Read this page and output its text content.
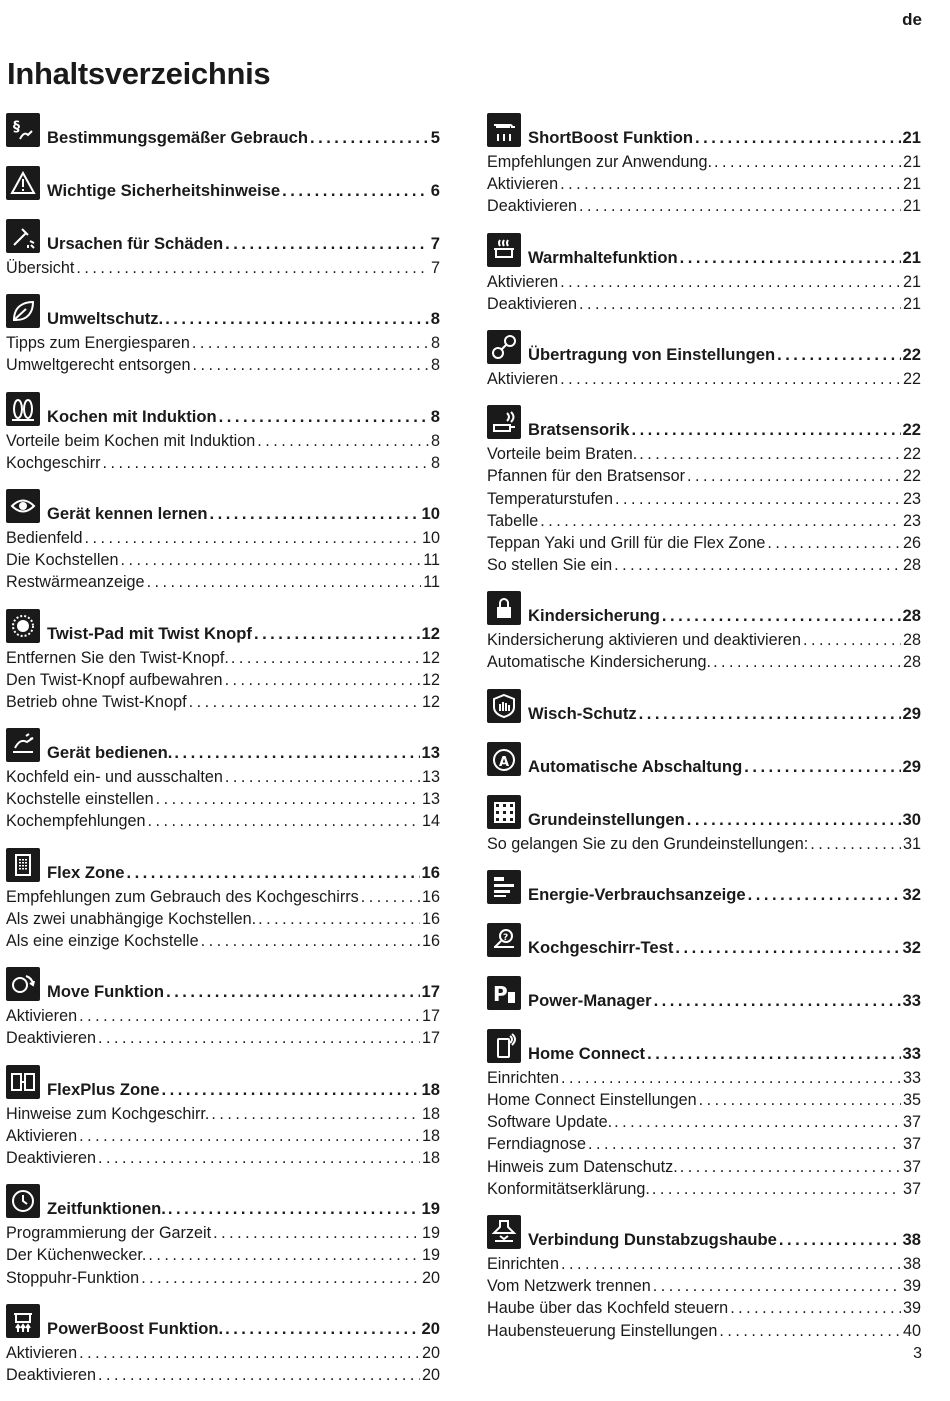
de
Inhaltsverzeichnis
§
Bestimmungsgemäßer Gebrauch .....	5
Wichtige Sicherheitshinweise .....	6
Ursachen für Schäden .....	7
Übersicht .....	7
Umweltschutz. .....	8
Tipps zum Energiesparen .....	8
Umweltgerecht entsorgen .....	8
Kochen mit Induktion .....	8
Vorteile beim Kochen mit Induktion .....	8
Kochgeschirr .....	8
Gerät kennen lernen .....	10
Bedienfeld .....	10
Die Kochstellen .....	11
Restwärmeanzeige .....	11
Twist-Pad mit Twist Knopf .....	12
Entfernen Sie den Twist-Knopf. .....	12
Den Twist-Knopf aufbewahren .....	12
Betrieb ohne Twist-Knopf .....	12
Gerät bedienen. .....	13
Kochfeld ein- und ausschalten .....	13
Kochstelle einstellen .....	13
Kochempfehlungen .....	14
Flex Zone .....	16
Empfehlungen zum Gebrauch des Kochgeschirrs .....	16
Als zwei unabhängige Kochstellen. .....	16
Als eine einzige Kochstelle .....	16
Move Funktion .....	17
Aktivieren .....	17
Deaktivieren .....	17
FlexPlus Zone .....	18
Hinweise zum Kochgeschirr. .....	18
Aktivieren .....	18
Deaktivieren .....	18
Zeitfunktionen. .....	19
Programmierung der Garzeit .....	19
Der Küchenwecker. .....	19
Stoppuhr-Funktion .....	20
PowerBoost Funktion. .....	20
Aktivieren .....	20
Deaktivieren .....	20
ShortBoost Funktion .....	21
Empfehlungen zur Anwendung. .....	21
Aktivieren .....	21
Deaktivieren .....	21
Warmhaltefunktion .....	21
Aktivieren .....	21
Deaktivieren .....	21
Übertragung von Einstellungen .....	22
Aktivieren .....	22
Bratsensorik .....	22
Vorteile beim Braten. .....	22
Pfannen für den Bratsensor .....	22
Temperaturstufen .....	23
Tabelle .....	23
Teppan Yaki und Grill für die Flex Zone .....	26
So stellen Sie ein .....	28
Kindersicherung .....	28
Kindersicherung aktivieren und deaktivieren .....	28
Automatische Kindersicherung. .....	28
Wisch-Schutz .....	29
A Automatische Abschaltung .....	29
Grundeinstellungen .....	30
So gelangen Sie zu den Grundeinstellungen: .....	31
Energie-Verbrauchsanzeige .....	32
? Kochgeschirr-Test .....	32
P Power-Manager .....	33
Home Connect .....	33
Einrichten .....	33
Home Connect Einstellungen .....	35
Software Update. .....	37
Ferndiagnose .....	37
Hinweis zum Datenschutz. .....	37
Konformitätserklärung. .....	37
Verbindung Dunstabzugshaube .....	38
Einrichten .....	38
Vom Netzwerk trennen .....	39
Haube über das Kochfeld steuern .....	39
Haubensteuerung Einstellungen .....	40
3
